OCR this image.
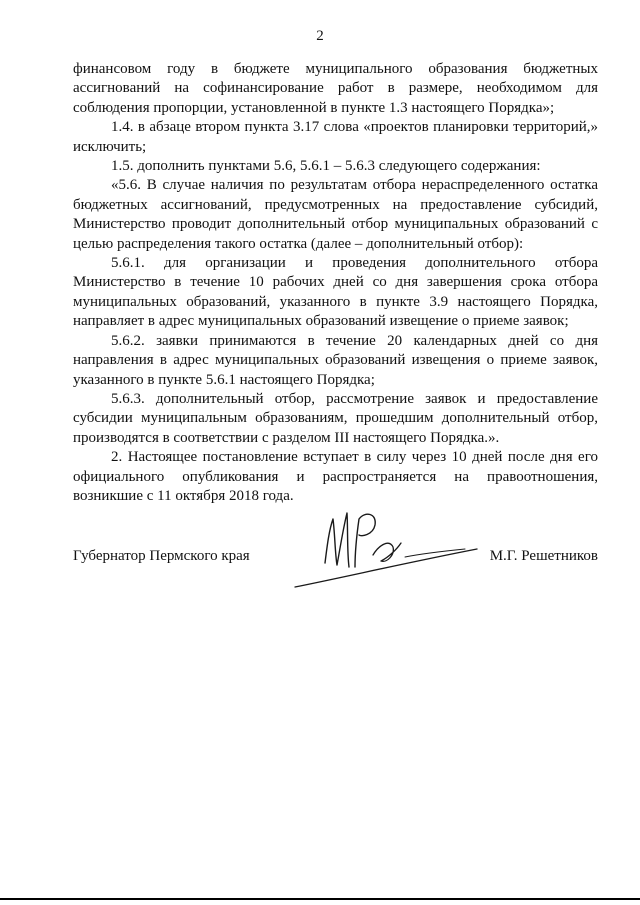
2

финансовом году в бюджете муниципального образования бюджетных ассигнований на софинансирование работ в размере, необходимом для соблюдения пропорции, установленной в пункте 1.3 настоящего Порядка»;

1.4. в абзаце втором пункта 3.17 слова «проектов планировки территорий,» исключить;

1.5. дополнить пунктами 5.6, 5.6.1 – 5.6.3 следующего содержания:

«5.6. В случае наличия по результатам отбора нераспределенного остатка бюджетных ассигнований, предусмотренных на предоставление субсидий, Министерство проводит дополнительный отбор муниципальных образований с целью распределения такого остатка (далее – дополнительный отбор):

5.6.1. для организации и проведения дополнительного отбора Министерство в течение 10 рабочих дней со дня завершения срока отбора муниципальных образований, указанного в пункте 3.9 настоящего Порядка, направляет в адрес муниципальных образований извещение о приеме заявок;

5.6.2. заявки принимаются в течение 20 календарных дней со дня направления в адрес муниципальных образований извещения о приеме заявок, указанного в пункте 5.6.1 настоящего Порядка;

5.6.3. дополнительный отбор, рассмотрение заявок и предоставление субсидии муниципальным образованиям, прошедшим дополнительный отбор, производятся в соответствии с разделом III настоящего Порядка.».

2. Настоящее постановление вступает в силу через 10 дней после дня его официального опубликования и распространяется на правоотношения, возникшие с 11 октября 2018 года.

Губернатор Пермского края	М.Г. Решетников
